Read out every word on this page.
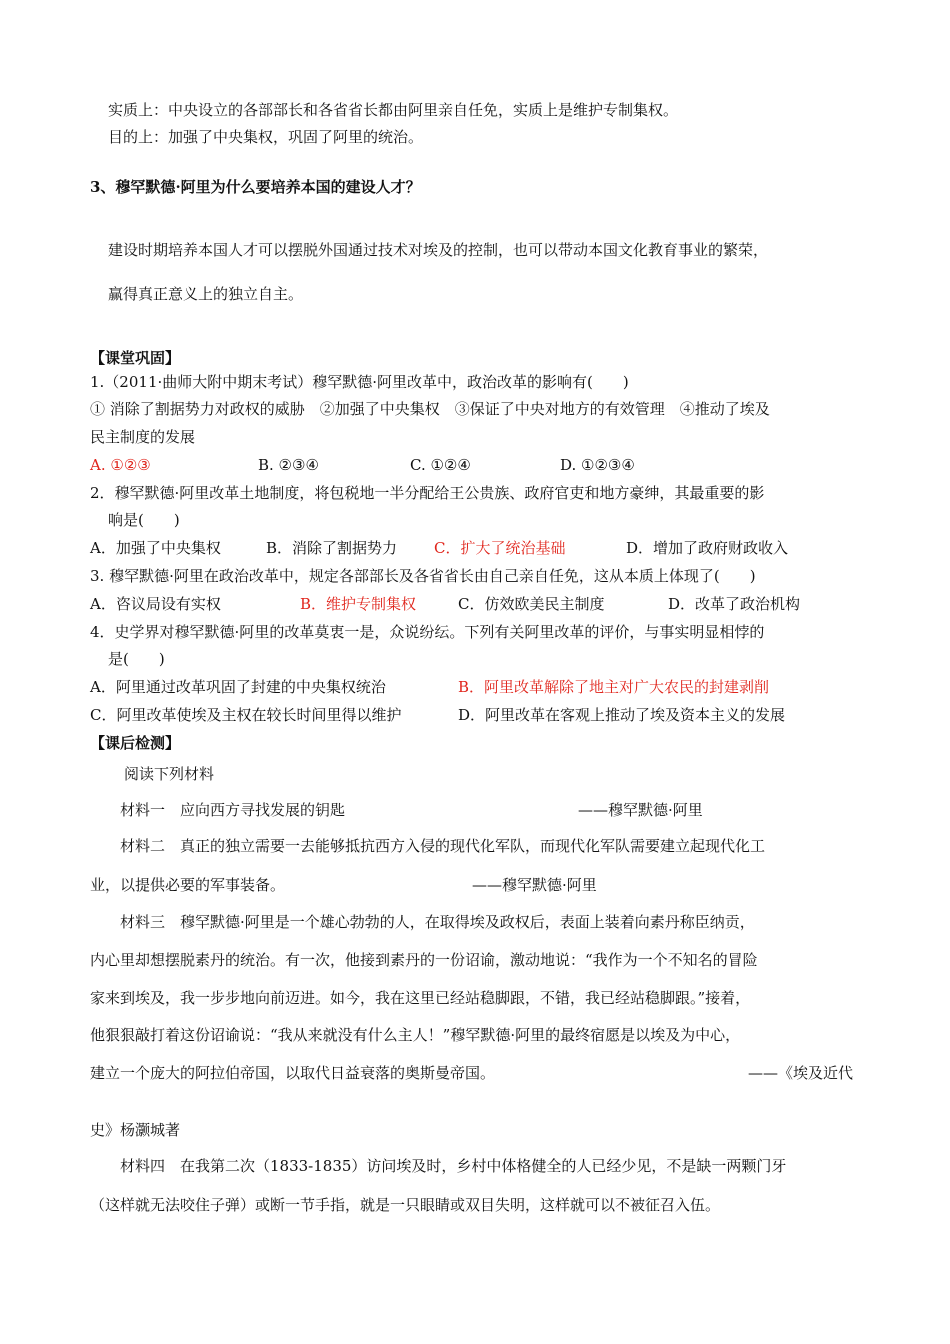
实质上：中央设立的各部部长和各省省长都由阿里亲自任免，实质上是维护专制集权。
目的上：加强了中央集权，巩固了阿里的统治。
3、穆罕默德·阿里为什么要培养本国的建设人才？
建设时期培养本国人才可以摆脱外国通过技术对埃及的控制，也可以带动本国文化教育事业的繁荣，
赢得真正意义上的独立自主。
【课堂巩固】
1.（2011·曲师大附中期末考试）穆罕默德·阿里改革中，政治改革的影响有(　　)
① 消除了割据势力对政权的威胁　②加强了中央集权　③保证了中央对地方的有效管理　④推动了埃及
民主制度的发展
A. ①②③	B. ②③④	C. ①②④	D. ①②③④
2．穆罕默德·阿里改革土地制度，将包税地一半分配给王公贵族、政府官吏和地方豪绅，其最重要的影
响是(　　)
A．加强了中央集权	B．消除了割据势力 C．扩大了统治基础	D．增加了政府财政收入
3. 穆罕默德·阿里在政治改革中，规定各部部长及各省省长由自己亲自任免，这从本质上体现了(　　)
A．咨议局设有实权	B．维护专制集权	C．仿效欧美民主制度	D．改革了政治机构
4．史学界对穆罕默德·阿里的改革莫衷一是，众说纷纭。下列有关阿里改革的评价，与事实明显相悖的
是(　　)
A．阿里通过改革巩固了封建的中央集权统治	B．阿里改革解除了地主对广大农民的封建剥削
C．阿里改革使埃及主权在较长时间里得以维护	D．阿里改革在客观上推动了埃及资本主义的发展
【课后检测】
阅读下列材料
材料一　应向西方寻找发展的钥匙	——穆罕默德·阿里
材料二　真正的独立需要一去能够抵抗西方入侵的现代化军队，而现代化军队需要建立起现代化工
业，以提供必要的军事装备。	——穆罕默德·阿里
材料三　穆罕默德·阿里是一个雄心勃勃的人，在取得埃及政权后，表面上装着向素丹称臣纳贡，
内心里却想摆脱素丹的统治。有一次，他接到素丹的一份诏谕，激动地说：“我作为一个不知名的冒险
家来到埃及，我一步步地向前迈进。如今，我在这里已经站稳脚跟，不错，我已经站稳脚跟。”接着，
他狠狠敲打着这份诏谕说：“我从来就没有什么主人！”穆罕默德·阿里的最终宿愿是以埃及为中心，
建立一个庞大的阿拉伯帝国，以取代日益衰落的奥斯曼帝国。	——《埃及近代
史》杨灏城著
材料四　在我第二次（1833-1835）访问埃及时，乡村中体格健全的人已经少见，不是缺一两颗门牙
（这样就无法咬住子弹）或断一节手指，就是一只眼睛或双目失明，这样就可以不被征召入伍。
